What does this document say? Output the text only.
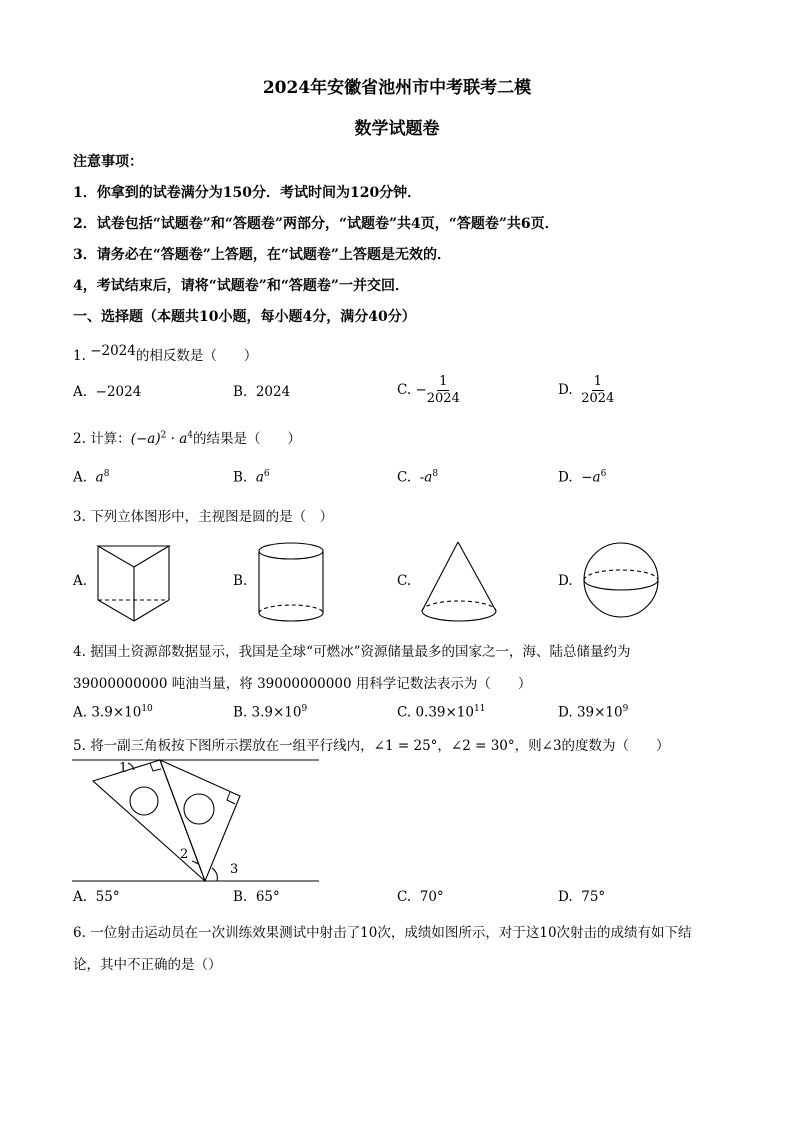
2024年安徽省池州市中考联考二模
数学试题卷
注意事项：
1．你拿到的试卷满分为150分．考试时间为120分钟．
2．试卷包括“试题卷”和“答题卷”两部分，“试题卷”共4页，“答题卷”共6页．
3．请务必在“答题卷”上答题，在“试题卷”上答题是无效的．
4，考试结束后，请将“试题卷”和“答题卷”一并交回．
一、选择题（本题共10小题，每小题4分，满分40分）
1. −2024的相反数是（　　）
A. −2024	B. 2024	C. − $\frac{1}{2024}$	D. $\frac{1}{2024}$
2. 计算：$(-a)^2 \cdot a^4$的结果是（　　）
A. $a^8$	B. $a^6$	C. $-a^8$	D. $-a^6$
3. 下列立体图形中，主视图是圆的是（　）
A.	B.	C.	D.
4. 据国土资源部数据显示，我国是全球“可燃冰”资源储量最多的国家之一，海、陆总储量约为
39000000000 吨油当量，将 39000000000 用科学记数法表示为（　　）
A. $3.9\times 10^{10}$	B. $3.9\times 10^9$	C. $0.39\times 10^{11}$	D. $39\times 10^9$
5. 将一副三角板按下图所示摆放在一组平行线内，∠1 = 25°，∠2 = 30°，则∠3的度数为（　　）
1
2
3
A. 55°	B. 65°	C. 70°	D. 75°
6. 一位射击运动员在一次训练效果测试中射击了10次，成绩如图所示，对于这10次射击的成绩有如下结
论，其中不正确的是（）
